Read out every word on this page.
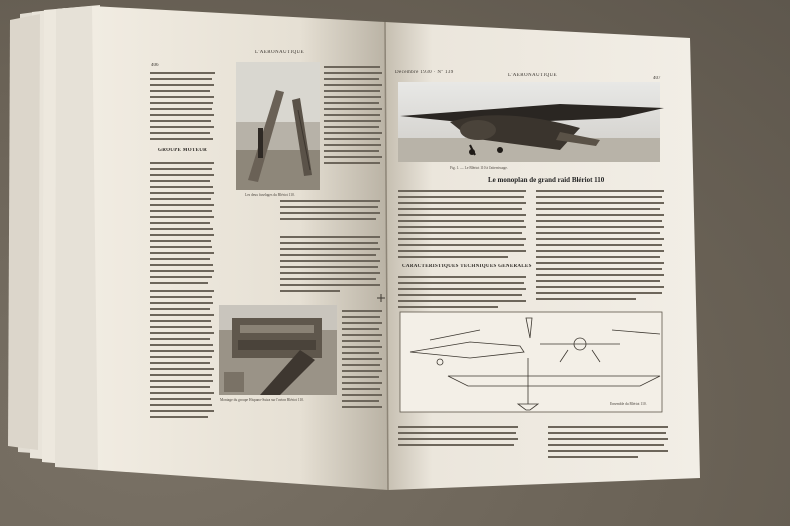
L'AÉRONAUTIQUE
406
GROUPE MOTEUR
Les deux fuselages du Blériot 110.
Montage du groupe Hispano-Suiza sur l'avion Blériot 110.
Décembre 1930 · Nº 139
L'AÉRONAUTIQUE
407
Fig. 1. — Le Blériot 110 à l'atterrissage.
Le monoplan de grand raid Blériot 110
CARACTÉRISTIQUES TECHNIQUES GÉNÉRALES
Ensemble du Blériot 110.
